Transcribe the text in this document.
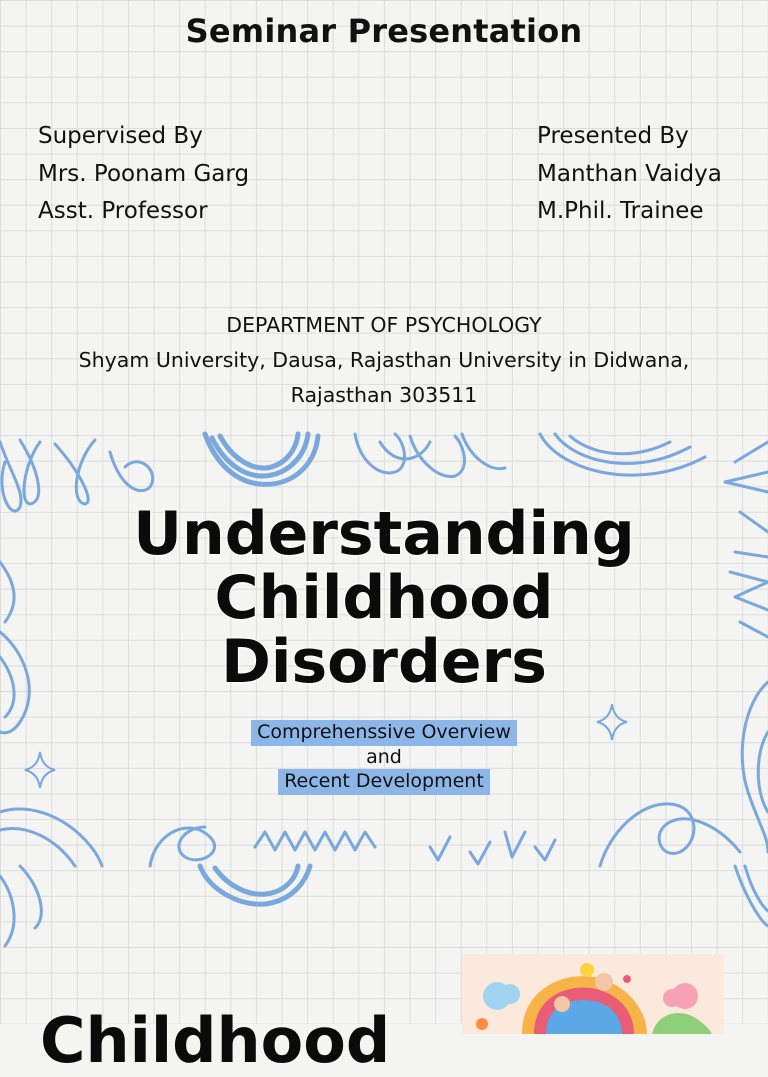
Seminar Presentation
Supervised By
Mrs. Poonam Garg
Asst. Professor
Presented By
Manthan Vaidya
M.Phil. Trainee
DEPARTMENT OF PSYCHOLOGY
Shyam University, Dausa, Rajasthan University in Didwana,
Rajasthan 303511
Understanding
Childhood
Disorders
Comprehenssive Overview
and
Recent Development
Childhood
